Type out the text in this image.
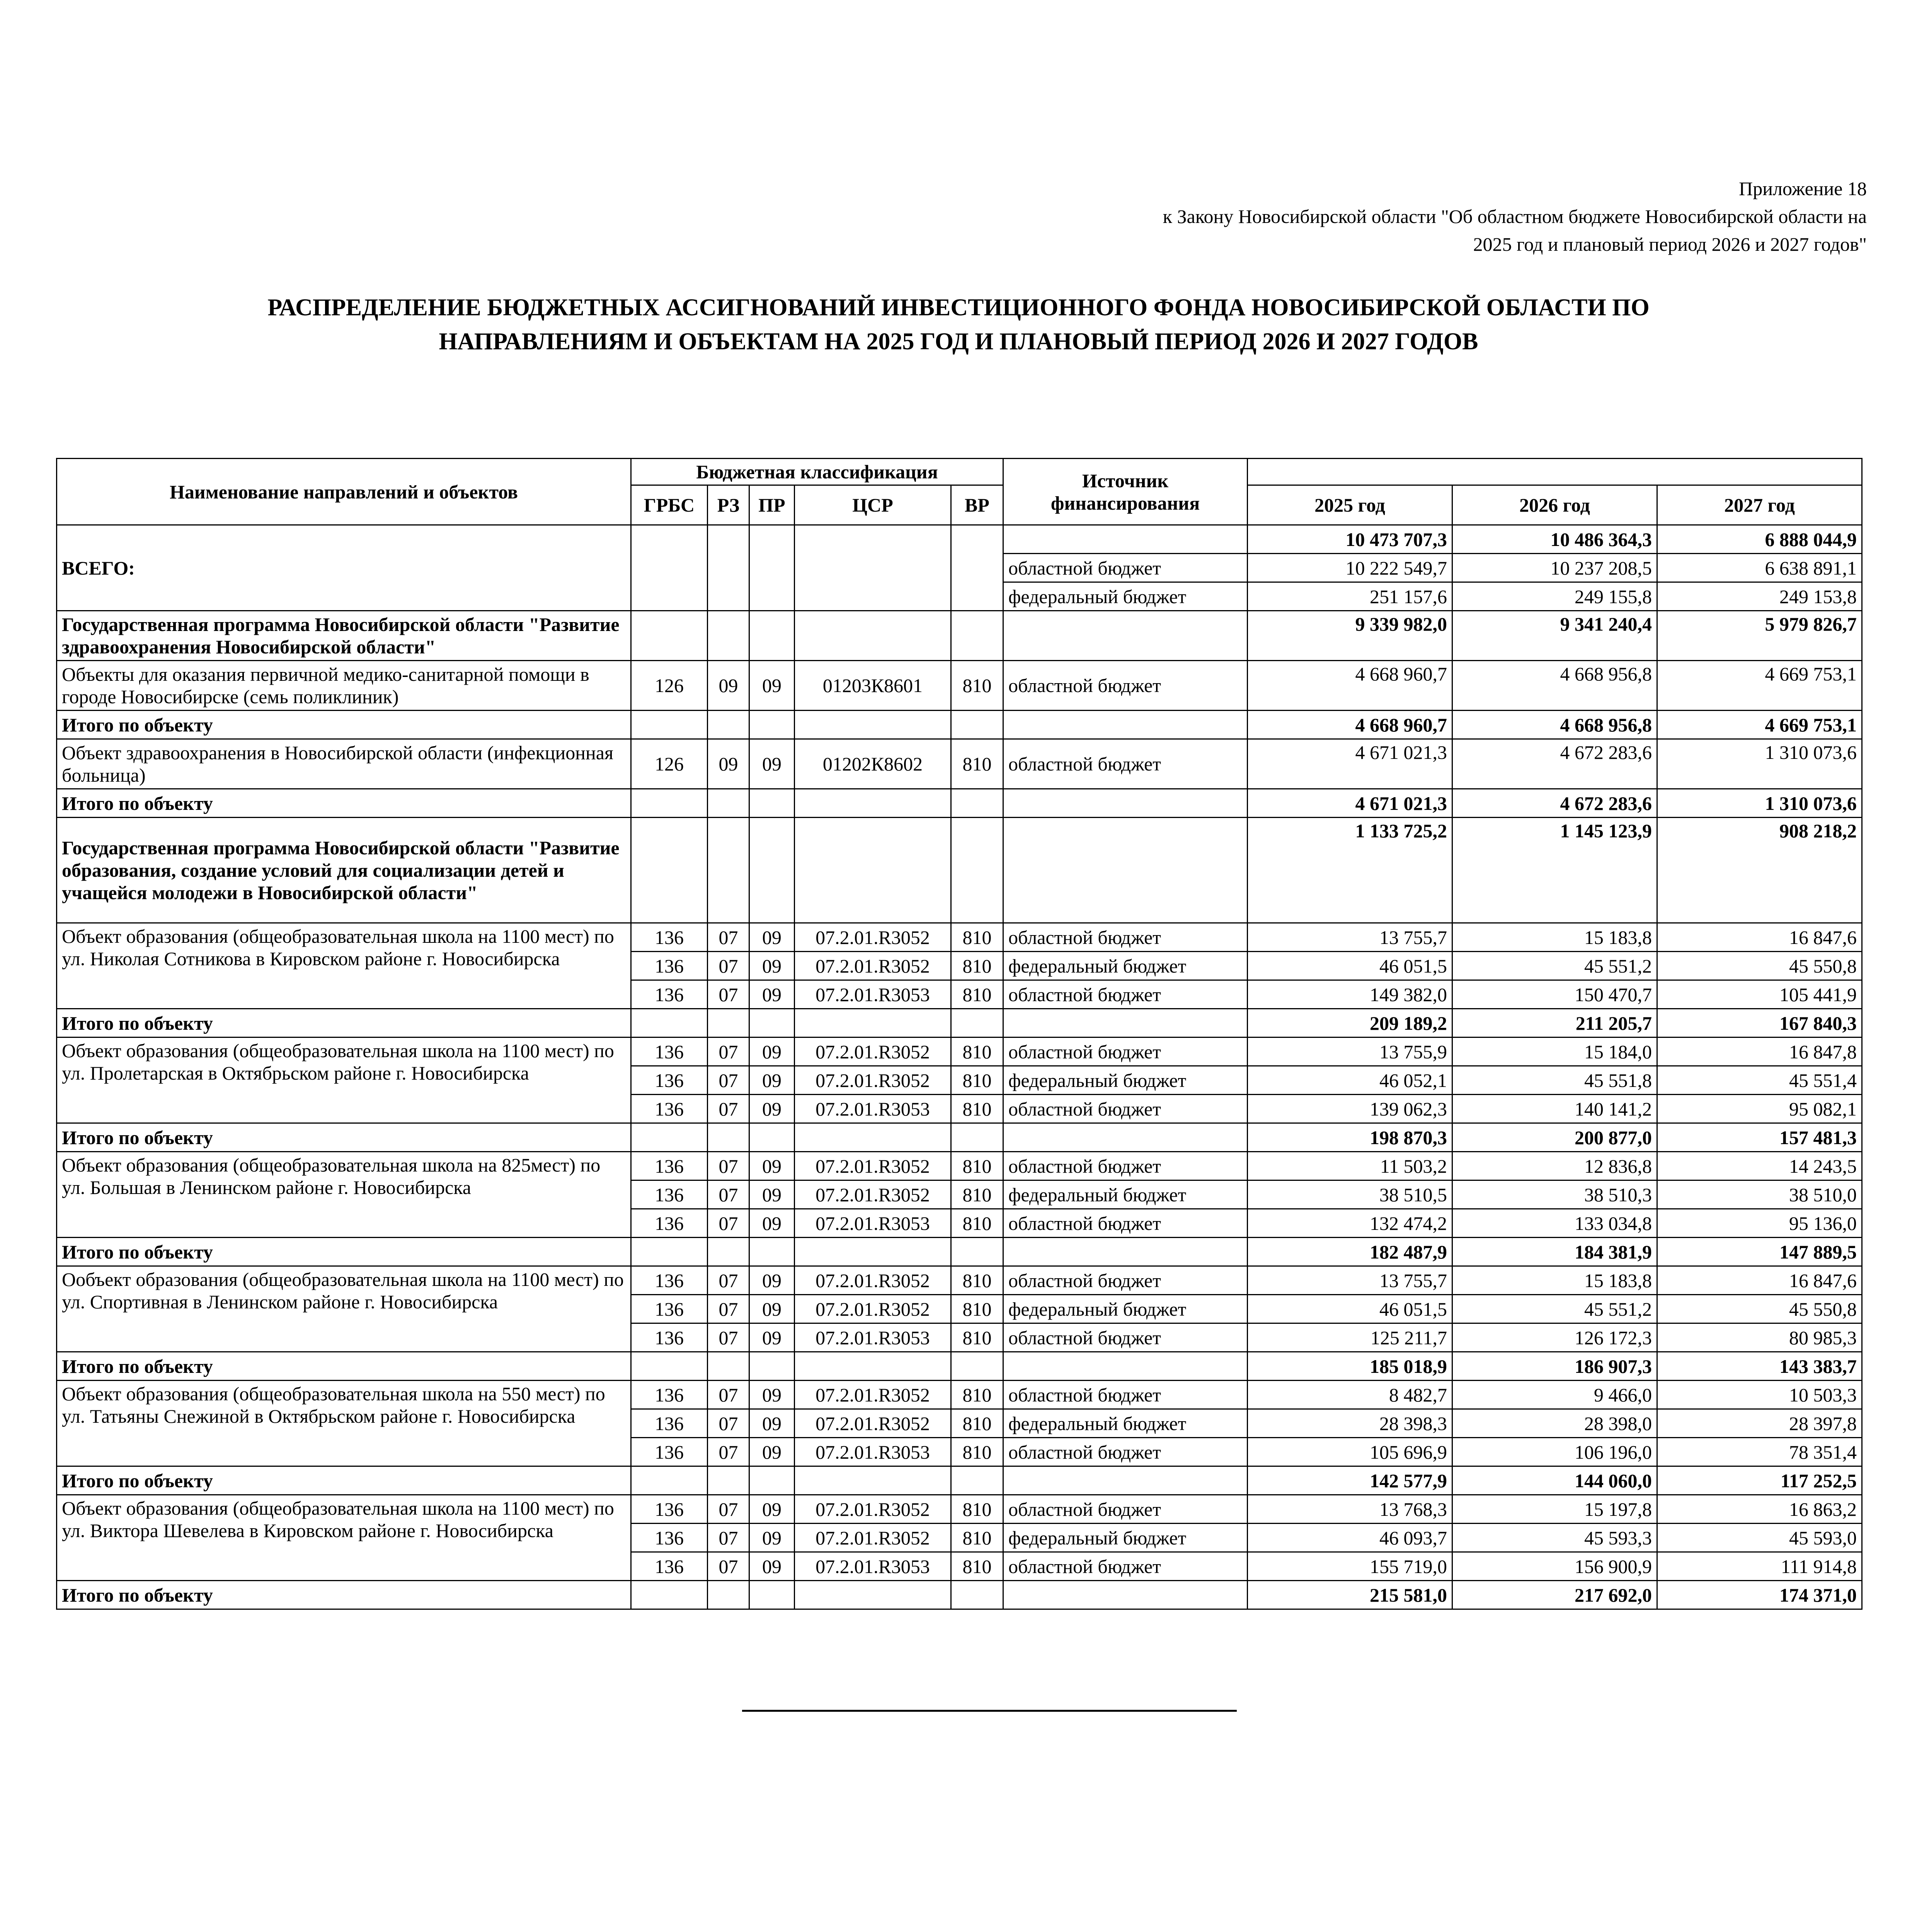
Приложение 18
к Закону Новосибирской области "Об областном бюджете Новосибирской области на
2025 год и плановый период 2026 и 2027 годов"
РАСПРЕДЕЛЕНИЕ БЮДЖЕТНЫХ АССИГНОВАНИЙ ИНВЕСТИЦИОННОГО ФОНДА НОВОСИБИРСКОЙ ОБЛАСТИ ПО
НАПРАВЛЕНИЯМ И ОБЪЕКТАМ НА 2025 ГОД И ПЛАНОВЫЙ ПЕРИОД 2026 И 2027 ГОДОВ
Наименование направлений и объектов	Бюджетная классификация					Источник финансирования			
	ГРБС	РЗ	ПР	ЦСР	ВР		2025 год	2026 год	2027 год
ВСЕГО:							10 473 707,3	10 486 364,3	6 888 044,9
						областной бюджет	10 222 549,7	10 237 208,5	6 638 891,1
						федеральный бюджет	251 157,6	249 155,8	249 153,8
Государственная программа Новосибирской области "Развитие здравоохранения Новосибирской области"							9 339 982,0	9 341 240,4	5 979 826,7
Объекты для оказания первичной медико-санитарной помощи в городе Новосибирске (семь поликлиник)	126	09	09	01203К8601	810	областной бюджет	4 668 960,7	4 668 956,8	4 669 753,1
Итого по объекту							4 668 960,7	4 668 956,8	4 669 753,1
Объект здравоохранения в Новосибирской области (инфекционная больница)	126	09	09	01202К8602	810	областной бюджет	4 671 021,3	4 672 283,6	1 310 073,6
Итого по объекту							4 671 021,3	4 672 283,6	1 310 073,6
Государственная программа Новосибирской области "Развитие образования, создание условий для социализации детей и учащейся молодежи в Новосибирской области"							1 133 725,2	1 145 123,9	908 218,2
Объект образования (общеобразовательная школа на 1100 мест) по ул. Николая Сотникова в Кировском районе г. Новосибирска	136	07	09	07.2.01.R3052	810	областной бюджет	13 755,7	15 183,8	16 847,6
	136	07	09	07.2.01.R3052	810	федеральный бюджет	46 051,5	45 551,2	45 550,8
	136	07	09	07.2.01.R3053	810	областной бюджет	149 382,0	150 470,7	105 441,9
Итого по объекту							209 189,2	211 205,7	167 840,3
Объект образования (общеобразовательная школа на 1100 мест) по ул. Пролетарская в Октябрьском районе г. Новосибирска	136	07	09	07.2.01.R3052	810	областной бюджет	13 755,9	15 184,0	16 847,8
	136	07	09	07.2.01.R3052	810	федеральный бюджет	46 052,1	45 551,8	45 551,4
	136	07	09	07.2.01.R3053	810	областной бюджет	139 062,3	140 141,2	95 082,1
Итого по объекту							198 870,3	200 877,0	157 481,3
Объект образования (общеобразовательная школа на 825мест) по ул. Большая в Ленинском районе г. Новосибирска	136	07	09	07.2.01.R3052	810	областной бюджет	11 503,2	12 836,8	14 243,5
	136	07	09	07.2.01.R3052	810	федеральный бюджет	38 510,5	38 510,3	38 510,0
	136	07	09	07.2.01.R3053	810	областной бюджет	132 474,2	133 034,8	95 136,0
Итого по объекту							182 487,9	184 381,9	147 889,5
Ообъект образования (общеобразовательная школа на 1100 мест) по ул. Спортивная в Ленинском районе г. Новосибирска	136	07	09	07.2.01.R3052	810	областной бюджет	13 755,7	15 183,8	16 847,6
	136	07	09	07.2.01.R3052	810	федеральный бюджет	46 051,5	45 551,2	45 550,8
	136	07	09	07.2.01.R3053	810	областной бюджет	125 211,7	126 172,3	80 985,3
Итого по объекту							185 018,9	186 907,3	143 383,7
Объект образования (общеобразовательная школа на 550 мест) по ул. Татьяны Снежиной в Октябрьском районе г. Новосибирска	136	07	09	07.2.01.R3052	810	областной бюджет	8 482,7	9 466,0	10 503,3
	136	07	09	07.2.01.R3052	810	федеральный бюджет	28 398,3	28 398,0	28 397,8
	136	07	09	07.2.01.R3053	810	областной бюджет	105 696,9	106 196,0	78 351,4
Итого по объекту							142 577,9	144 060,0	117 252,5
Объект образования (общеобразовательная школа на 1100 мест) по ул. Виктора Шевелева в Кировском районе г. Новосибирска	136	07	09	07.2.01.R3052	810	областной бюджет	13 768,3	15 197,8	16 863,2
	136	07	09	07.2.01.R3052	810	федеральный бюджет	46 093,7	45 593,3	45 593,0
	136	07	09	07.2.01.R3053	810	областной бюджет	155 719,0	156 900,9	111 914,8
Итого по объекту							215 581,0	217 692,0	174 371,0
